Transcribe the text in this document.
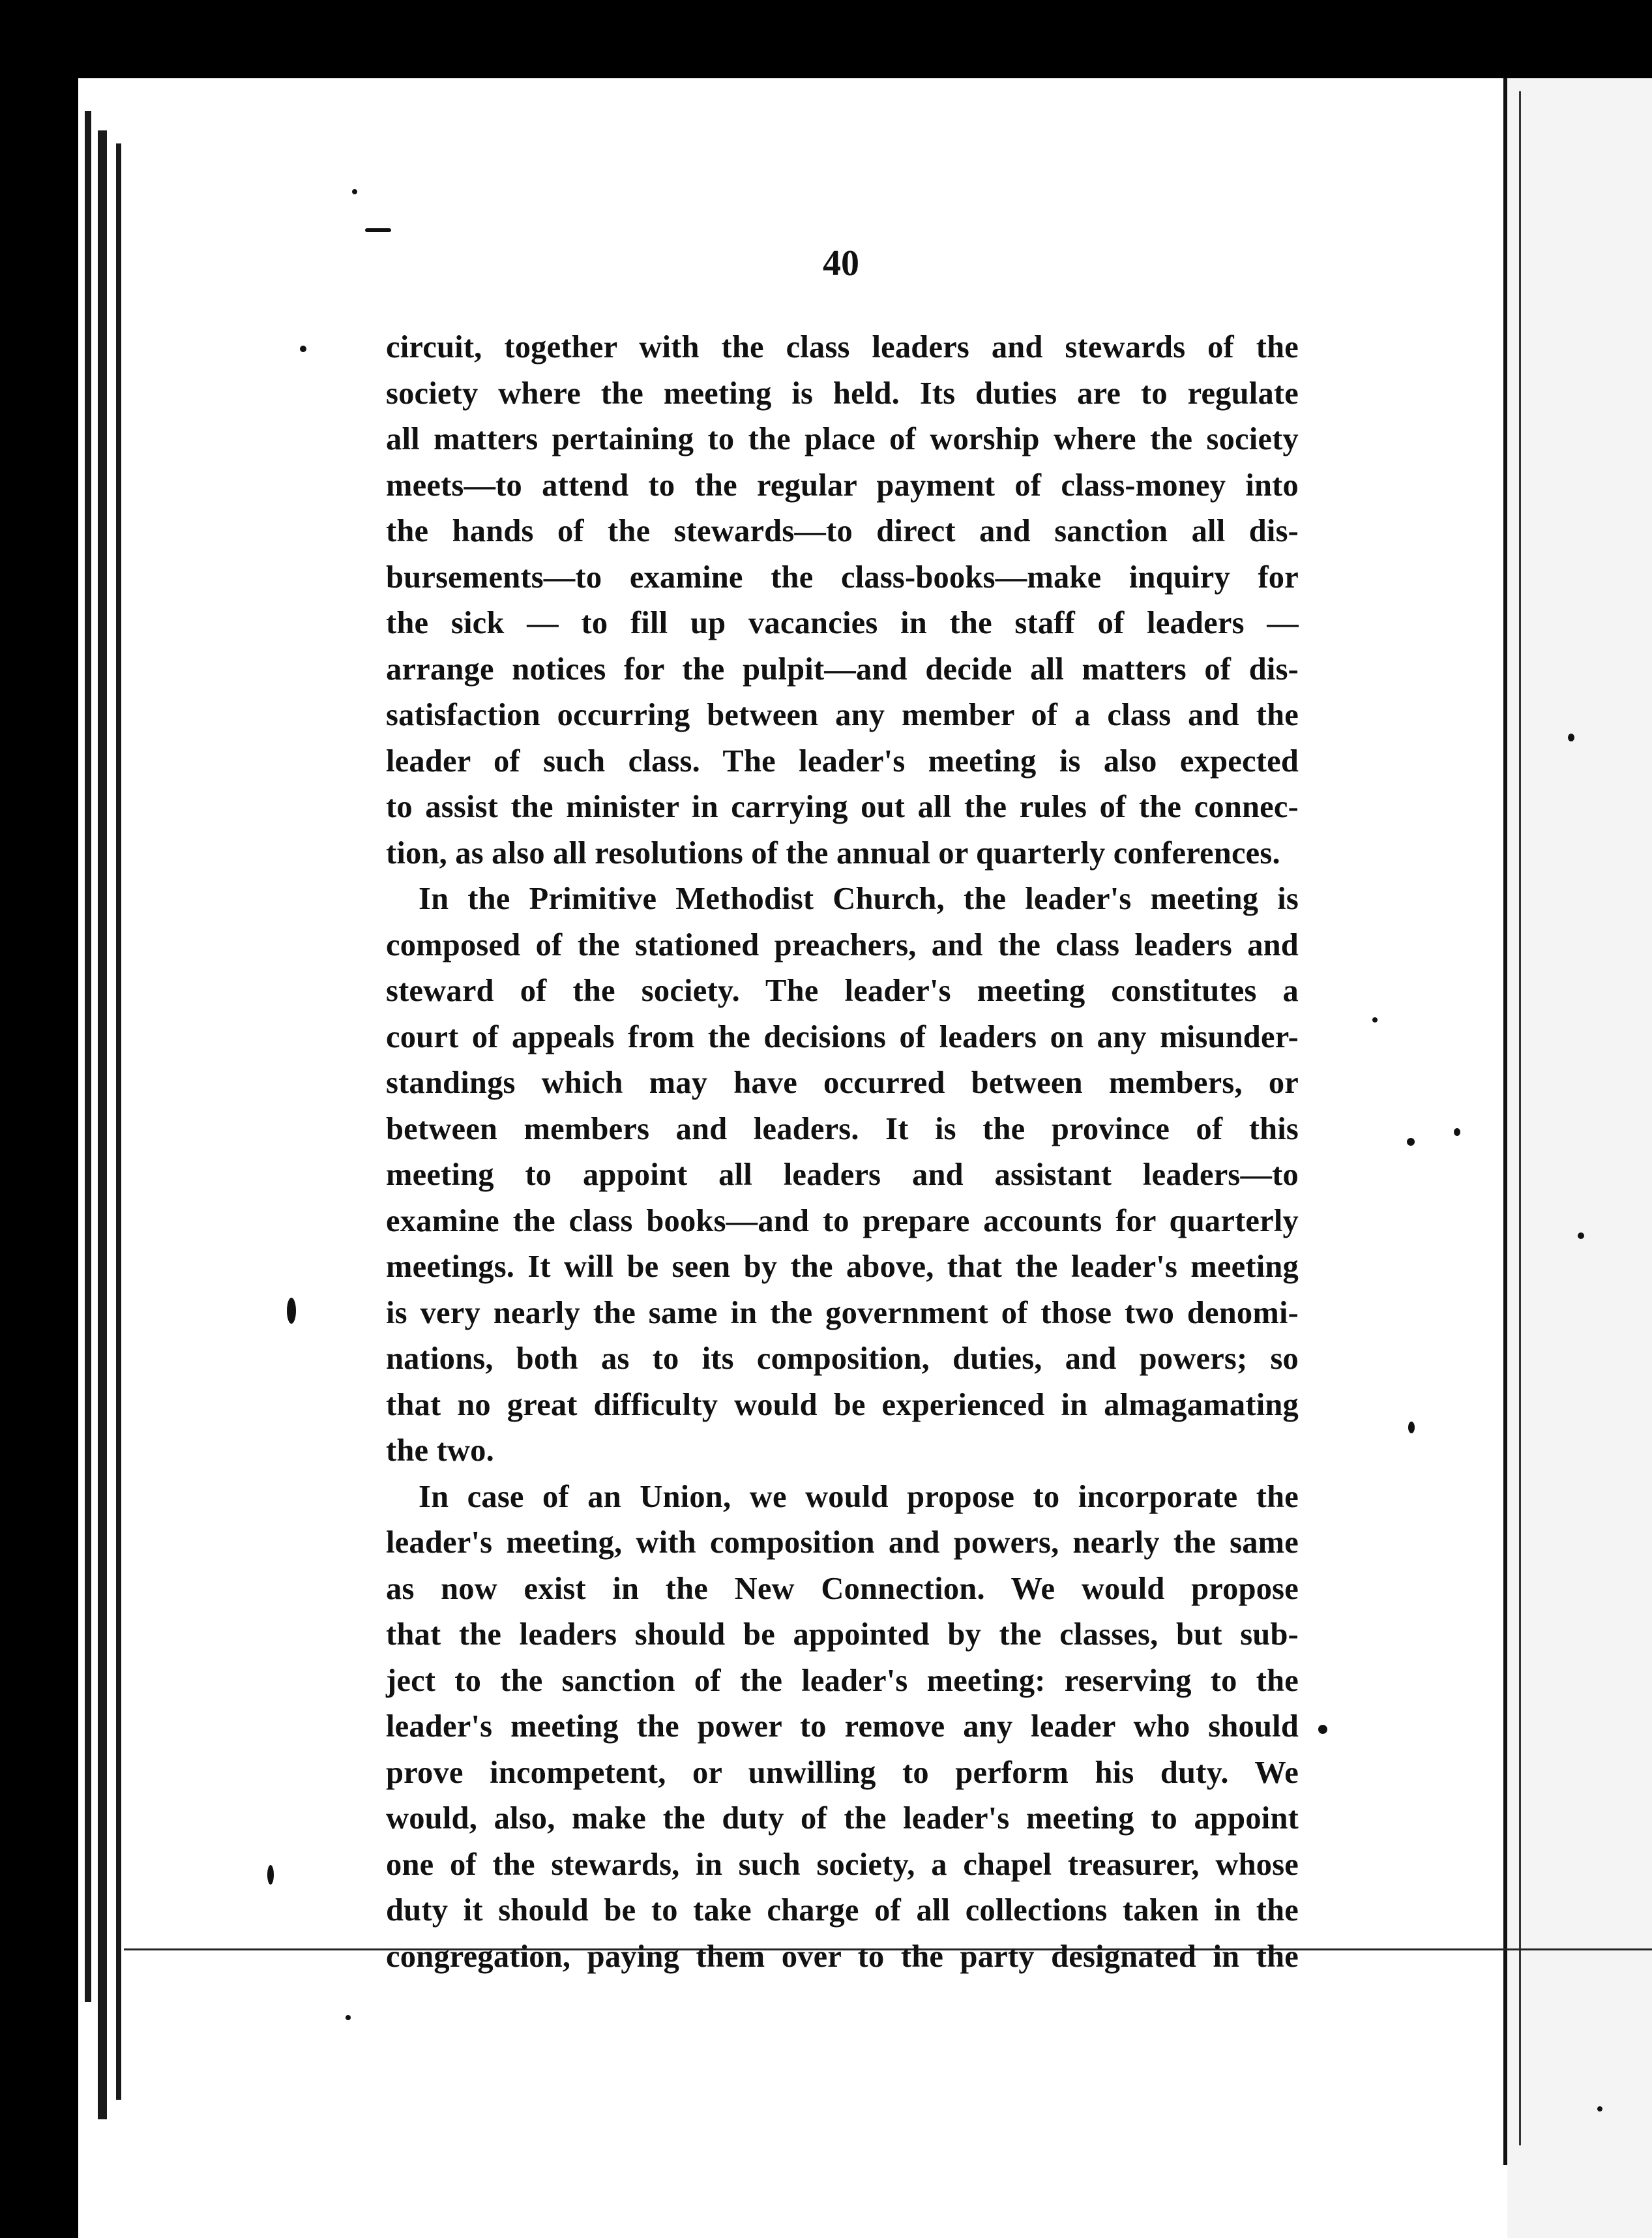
40
circuit, together with the class leaders and stewards of the
society where the meeting is held. Its duties are to regulate
all matters pertaining to the place of worship where the society
meets—to attend to the regular payment of class-money into
the hands of the stewards—to direct and sanction all dis-
bursements—to examine the class-books—make inquiry for
the sick — to fill up vacancies in the staff of leaders —
arrange notices for the pulpit—and decide all matters of dis-
satisfaction occurring between any member of a class and the
leader of such class. The leader's meeting is also expected
to assist the minister in carrying out all the rules of the connec-
tion, as also all resolutions of the annual or quarterly conferences.
In the Primitive Methodist Church, the leader's meeting is
composed of the stationed preachers, and the class leaders and
steward of the society. The leader's meeting constitutes a
court of appeals from the decisions of leaders on any misunder-
standings which may have occurred between members, or
between members and leaders. It is the province of this
meeting to appoint all leaders and assistant leaders—to
examine the class books—and to prepare accounts for quarterly
meetings. It will be seen by the above, that the leader's meeting
is very nearly the same in the government of those two denomi-
nations, both as to its composition, duties, and powers; so
that no great difficulty would be experienced in almagamating
the two.
In case of an Union, we would propose to incorporate the
leader's meeting, with composition and powers, nearly the same
as now exist in the New Connection. We would propose
that the leaders should be appointed by the classes, but sub-
ject to the sanction of the leader's meeting: reserving to the
leader's meeting the power to remove any leader who should
prove incompetent, or unwilling to perform his duty. We
would, also, make the duty of the leader's meeting to appoint
one of the stewards, in such society, a chapel treasurer, whose
duty it should be to take charge of all collections taken in the
congregation, paying them over to the party designated in the
